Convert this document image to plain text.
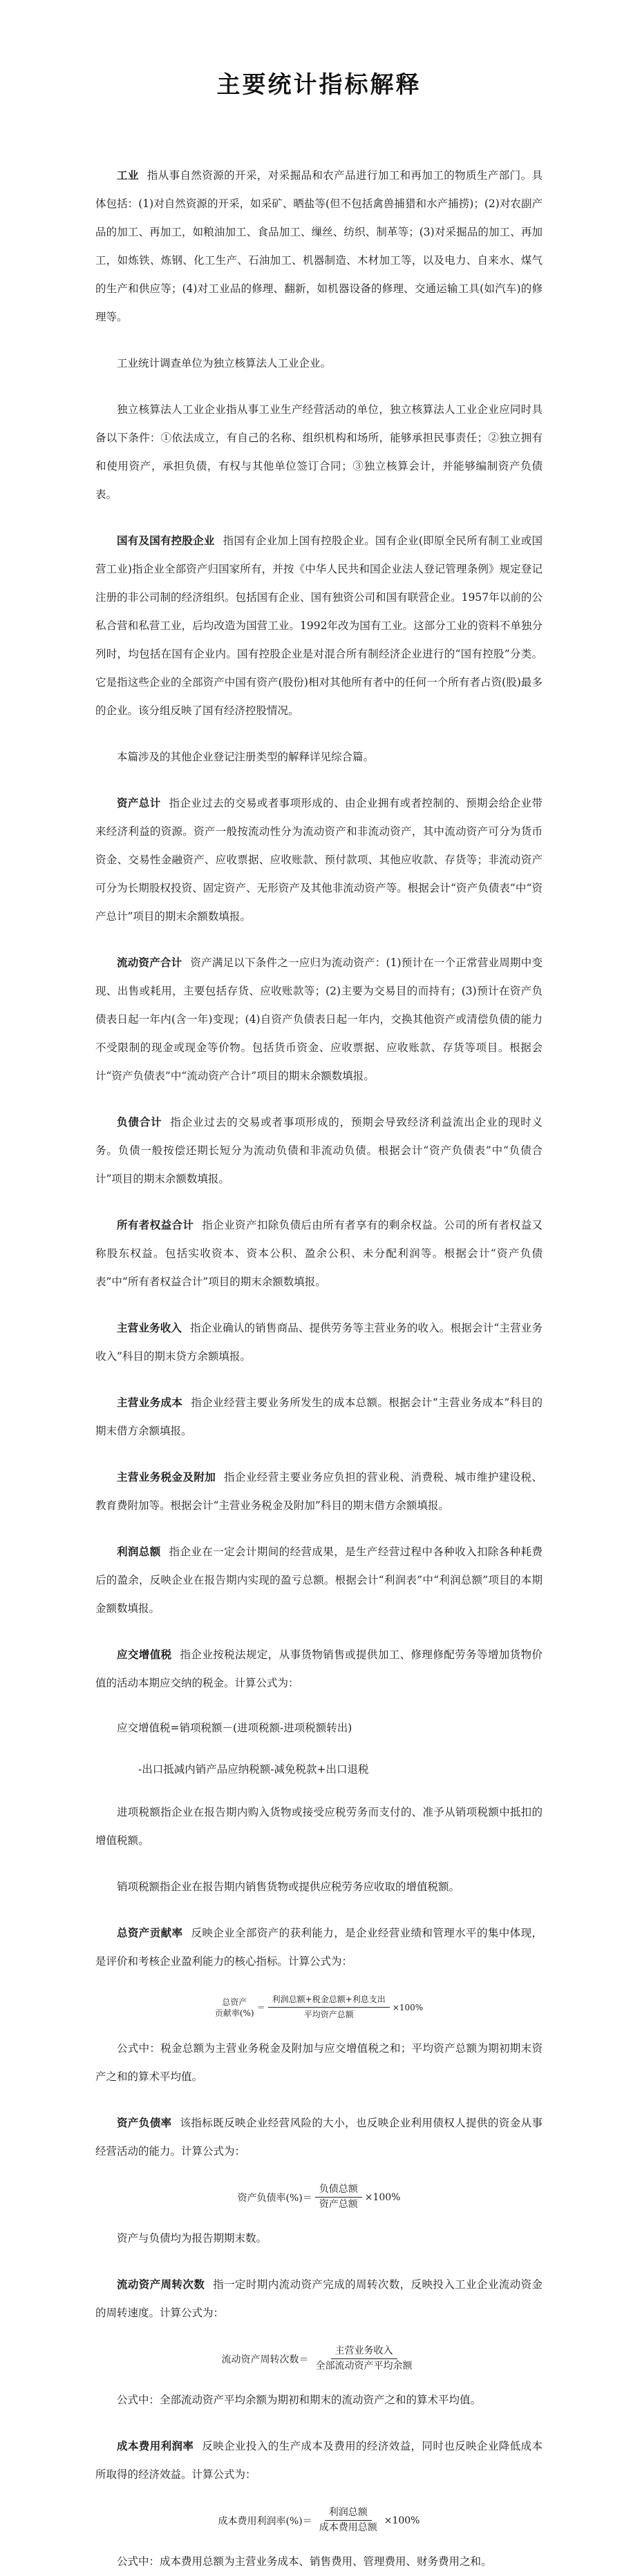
主要统计指标解释

工业 指从事自然资源的开采，对采掘品和农产品进行加工和再加工的物质生产部门。具体包括：(1)对自然资源的开采，如采矿、晒盐等(但不包括禽兽捕猎和水产捕捞)；(2)对农副产品的加工、再加工，如粮油加工、食品加工、缫丝、纺织、制革等；(3)对采掘品的加工、再加工，如炼铁、炼钢、化工生产、石油加工、机器制造、木材加工等，以及电力、自来水、煤气的生产和供应等；(4)对工业品的修理、翻新，如机器设备的修理、交通运输工具(如汽车)的修理等。

工业统计调查单位为独立核算法人工业企业。

独立核算法人工业企业指从事工业生产经营活动的单位，独立核算法人工业企业应同时具备以下条件：①依法成立，有自己的名称、组织机构和场所，能够承担民事责任；②独立拥有和使用资产，承担负债，有权与其他单位签订合同；③独立核算会计，并能够编制资产负债表。

国有及国有控股企业 指国有企业加上国有控股企业。国有企业(即原全民所有制工业或国营工业)指企业全部资产归国家所有，并按《中华人民共和国企业法人登记管理条例》规定登记注册的非公司制的经济组织。包括国有企业、国有独资公司和国有联营企业。1957年以前的公私合营和私营工业，后均改造为国营工业。1992年改为国有工业。这部分工业的资料不单独分列时，均包括在国有企业内。国有控股企业是对混合所有制经济企业进行的“国有控股”分类。它是指这些企业的全部资产中国有资产(股份)相对其他所有者中的任何一个所有者占资(股)最多的企业。该分组反映了国有经济控股情况。

本篇涉及的其他企业登记注册类型的解释详见综合篇。

资产总计 指企业过去的交易或者事项形成的、由企业拥有或者控制的、预期会给企业带来经济利益的资源。资产一般按流动性分为流动资产和非流动资产，其中流动资产可分为货币资金、交易性金融资产、应收票据、应收账款、预付款项、其他应收款、存货等；非流动资产可分为长期股权投资、固定资产、无形资产及其他非流动资产等。根据会计“资产负债表”中“资产总计”项目的期末余额数填报。

流动资产合计 资产满足以下条件之一应归为流动资产：(1)预计在一个正常营业周期中变现、出售或耗用，主要包括存货、应收账款等；(2)主要为交易目的而持有；(3)预计在资产负债表日起一年内(含一年)变现；(4)自资产负债表日起一年内，交换其他资产或清偿负债的能力不受限制的现金或现金等价物。包括货币资金、应收票据、应收账款、存货等项目。根据会计“资产负债表”中“流动资产合计”项目的期末余额数填报。

负债合计 指企业过去的交易或者事项形成的，预期会导致经济利益流出企业的现时义务。负债一般按偿还期长短分为流动负债和非流动负债。根据会计“资产负债表”中“负债合计”项目的期末余额数填报。

所有者权益合计 指企业资产扣除负债后由所有者享有的剩余权益。公司的所有者权益又称股东权益。包括实收资本、资本公积、盈余公积、未分配利润等。根据会计“资产负债表”中“所有者权益合计”项目的期末余额数填报。

主营业务收入 指企业确认的销售商品、提供劳务等主营业务的收入。根据会计“主营业务收入”科目的期末贷方余额填报。

主营业务成本 指企业经营主要业务所发生的成本总额。根据会计“主营业务成本”科目的期末借方余额填报。

主营业务税金及附加 指企业经营主要业务应负担的营业税、消费税、城市维护建设税、教育费附加等。根据会计“主营业务税金及附加”科目的期末借方余额填报。

利润总额 指企业在一定会计期间的经营成果，是生产经营过程中各种收入扣除各种耗费后的盈余，反映企业在报告期内实现的盈亏总额。根据会计“利润表”中“利润总额”项目的本期金额数填报。

应交增值税 指企业按税法规定，从事货物销售或提供加工、修理修配劳务等增加货物价值的活动本期应交纳的税金。计算公式为：

应交增值税=销项税额－(进项税额-进项税额转出)
-出口抵减内销产品应纳税额-减免税款+出口退税

进项税额指企业在报告期内购入货物或接受应税劳务而支付的、准予从销项税额中抵扣的增值税额。

销项税额指企业在报告期内销售货物或提供应税劳务应收取的增值税额。

总资产贡献率 反映企业全部资产的获利能力，是企业经营业绩和管理水平的集中体现，是评价和考核企业盈利能力的核心指标。计算公式为：

总资产
贡献率(%)
＝ $\frac{\text{利润总额+税金总额+利息支出}}{\text{平均资产总额}} \times 100\%$

公式中：税金总额为主营业务税金及附加与应交增值税之和；平均资产总额为期初期末资产之和的算术平均值。

资产负债率 该指标既反映企业经营风险的大小，也反映企业利用债权人提供的资金从事经营活动的能力。计算公式为：

资产负债率(%)＝ $\frac{\text{负债总额}}{\text{资产总额}} \times 100\%$

资产与负债均为报告期期末数。

流动资产周转次数 指一定时期内流动资产完成的周转次数，反映投入工业企业流动资金的周转速度。计算公式为：

流动资产周转次数＝ $\frac{\text{主营业务收入}}{\text{全部流动资产平均余额}}$

公式中：全部流动资产平均余额为期初和期末的流动资产之和的算术平均值。

成本费用利润率 反映企业投入的生产成本及费用的经济效益，同时也反映企业降低成本所取得的经济效益。计算公式为：

成本费用利润率(%)＝ $\frac{\text{利润总额}}{\text{成本费用总额}} \times 100\%$

公式中：成本费用总额为主营业务成本、销售费用、管理费用、财务费用之和。
